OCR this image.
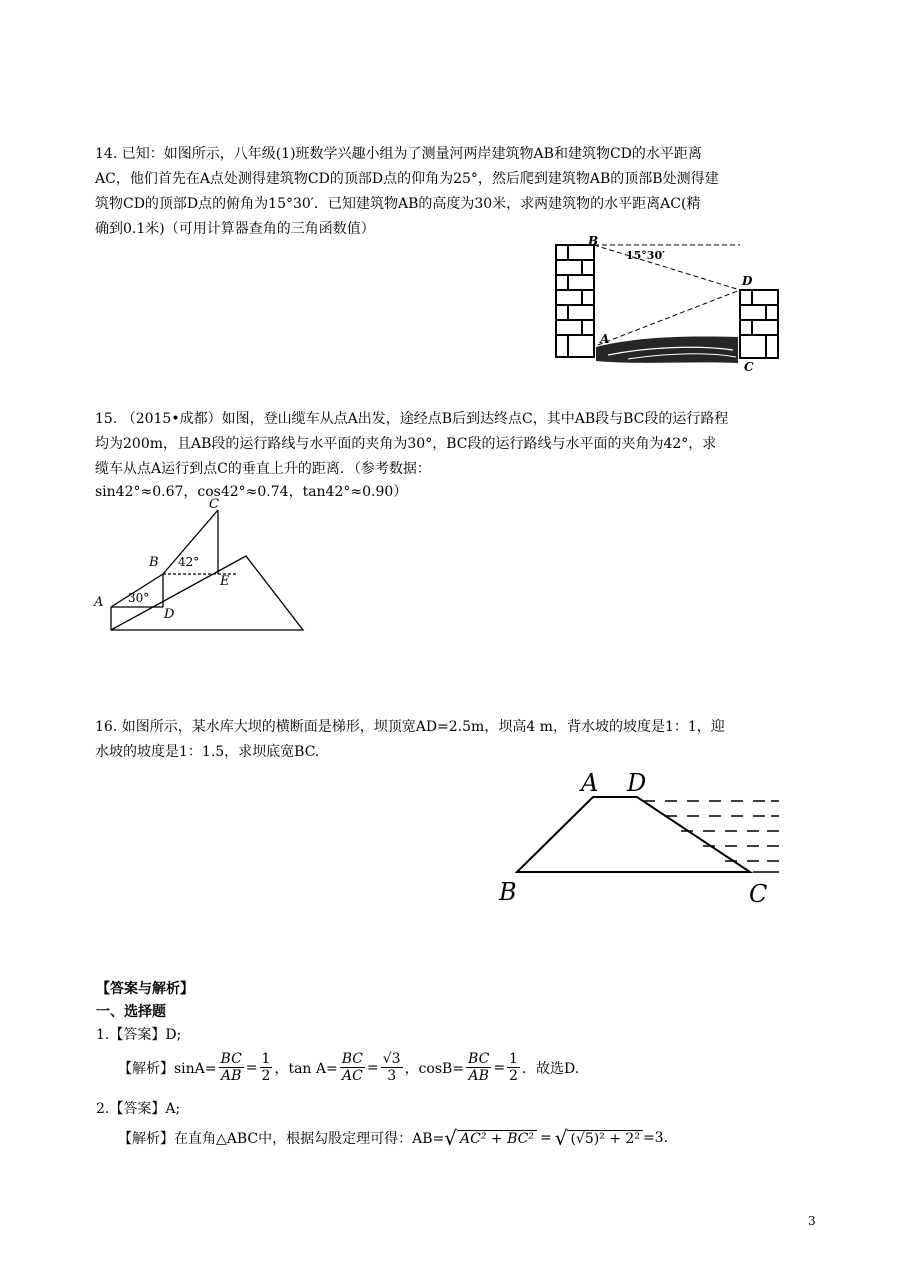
14. 已知：如图所示，八年级(1)班数学兴趣小组为了测量河两岸建筑物AB和建筑物CD的水平距离
AC，他们首先在A点处测得建筑物CD的顶部D点的仰角为25°，然后爬到建筑物AB的顶部B处测得建
筑物CD的顶部D点的俯角为15°30′．已知建筑物AB的高度为30米，求两建筑物的水平距离AC(精
确到0.1米)（可用计算器查角的三角函数值）
B
15°30′
D
A
C
15. （2015•成都）如图，登山缆车从点A出发，途经点B后到达终点C，其中AB段与BC段的运行路程
均为200m，且AB段的运行路线与水平面的夹角为30°，BC段的运行路线与水平面的夹角为42°，求
缆车从点A运行到点C的垂直上升的距离．（参考数据：
sin42°≈0.67，cos42°≈0.74，tan42°≈0.90）
A
B
C
D
E
30°
42°
16. 如图所示，某水库大坝的横断面是梯形，坝顶宽AD=2.5m，坝高4 m，背水坡的坡度是1：1，迎
水坡的坡度是1：1.5，求坝底宽BC.
A D
B	C
【答案与解析】
一、选择题
1.【答案】D;
【解析】$\sin A= \frac{BC}{AB} = \frac{1}{2}$ ，$\tan A= \frac{BC}{AC} = \frac{√3}{3}$ ，$\cos B= \frac{BC}{AB} = \frac{1}{2}$ ．故选D.
2.【答案】A;
【解析】在直角△ABC中，根据勾股定理可得：AB= √ AC² + BC² = √ (√5)² + 2² =3.
3
